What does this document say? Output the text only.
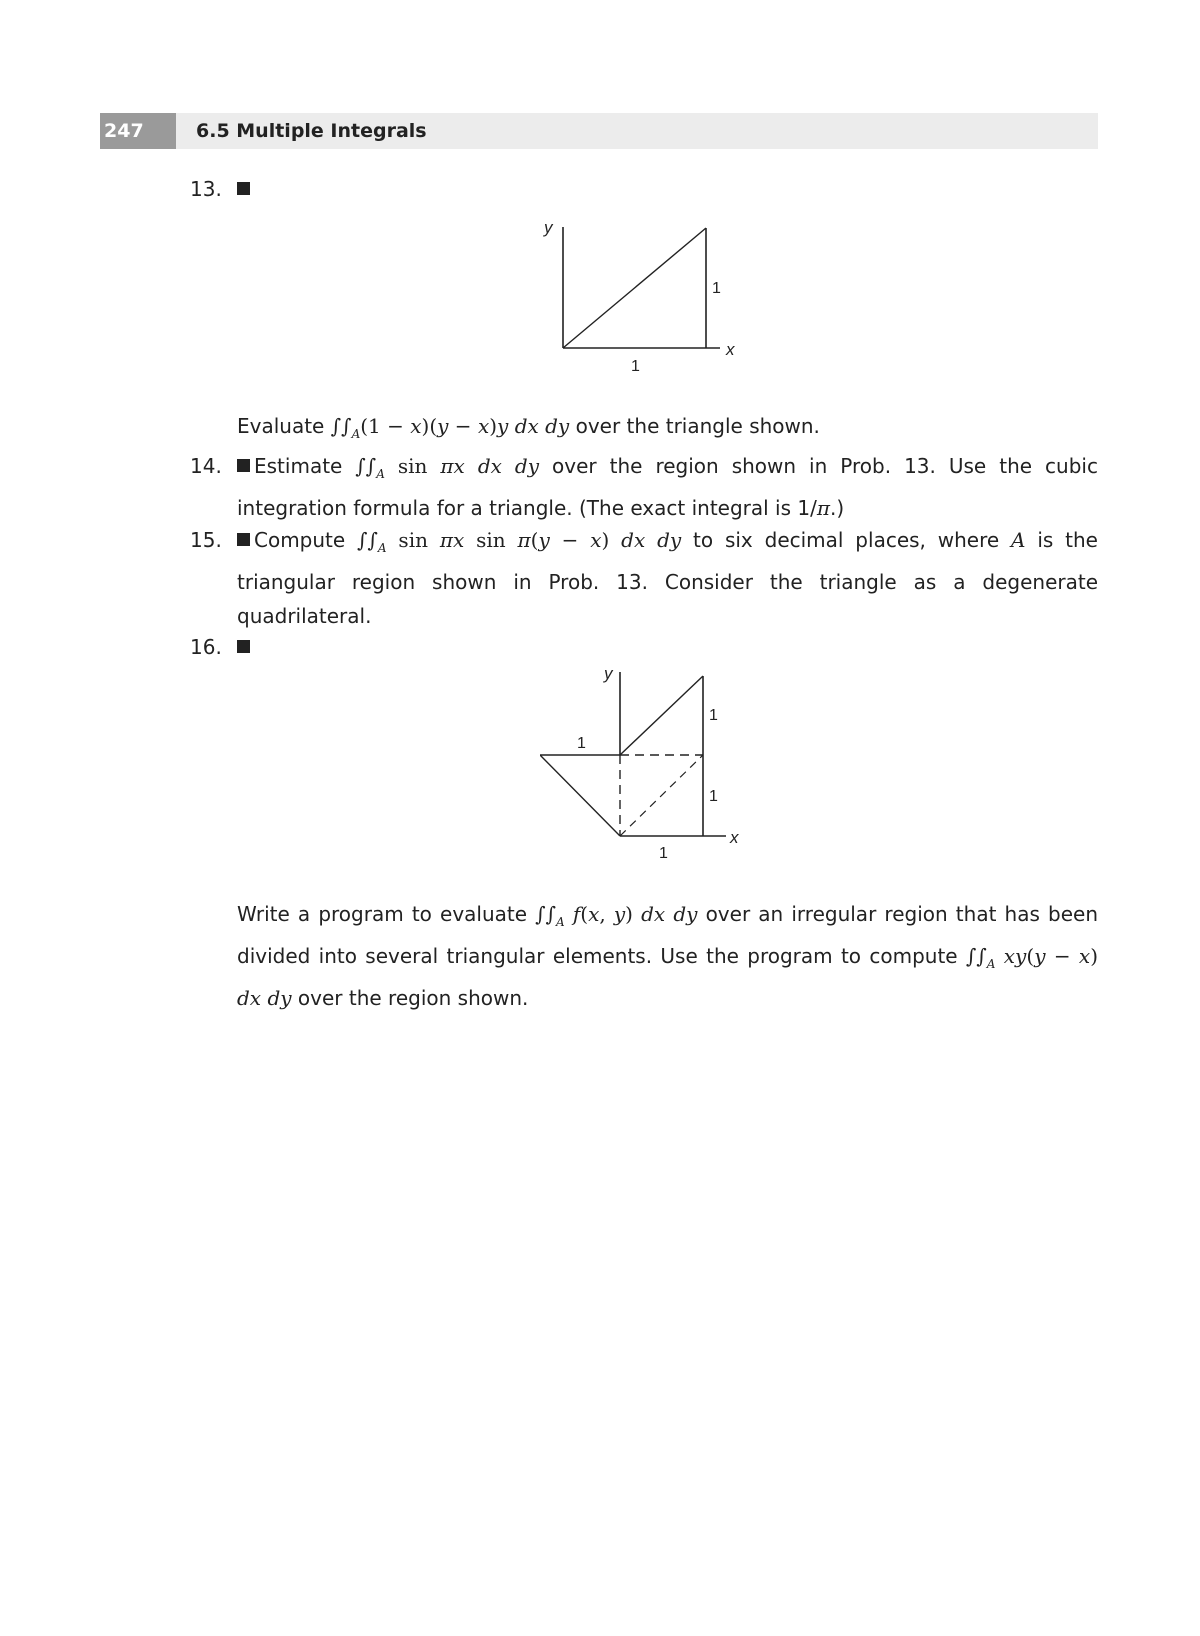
247	6.5 Multiple Integrals
13.
y
x
1
1
Evaluate $\int\int_A(1 - x)(y - x)y$ dx dy over the triangle shown.
14.	Estimate $\int\int_A$ sin πx dx dy over the region shown in Prob. 13. Use the cubic integration formula for a triangle. (The exact integral is 1/π.)
15.	Compute $\int\int_A$ sin πx sin π(y − x) dx dy to six decimal places, where A is the triangular region shown in Prob. 13. Consider the triangle as a degenerate quadrilateral.
16.
y
x
1
1
1
1
Write a program to evaluate $\int\int_A$ f(x, y) dx dy over an irregular region that has been divided into several triangular elements. Use the program to compute $\int\int_A$ xy(y − x) dx dy over the region shown.
